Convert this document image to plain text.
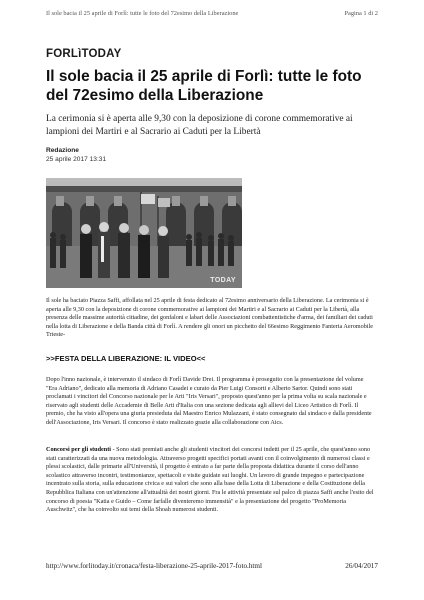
Il sole bacia il 25 aprile di Forlì: tutte le foto del 72esimo della Liberazione	Pagina 1 di 2
FORLìTODAY
Il sole bacia il 25 aprile di Forlì: tutte le foto del 72esimo della Liberazione

La cerimonia si è aperta alle 9,30 con la deposizione di corone commemorative ai lampioni dei Martiri e al Sacrario ai Caduti per la Libertà

Redazione
25 aprile 2017 13:31
TODAY

Il sole ha baciato Piazza Saffi, affollata nel 25 aprile di festa dedicato al 72esimo anniversario della Liberazione. La cerimonia si è aperta alle 9,30 con la deposizione di corone commemorative ai lampioni dei Martiri e al Sacrario ai Caduti per la Libertà, alla presenza delle massime autorità cittadine, dei gonfaloni e labari delle Associazioni combattentistiche d'arma, dei familiari dei caduti nella lotta di Liberazione e della Banda città di Forlì. A rendere gli onori un picchetto del 66esimo Reggimento Fanteria Aeromobile Trieste-

>>FESTA DELLA LIBERAZIONE: IL VIDEO<<

Dopo l'inno nazionale, è intervenuto il sindaco di Forlì Davide Drei. Il programma è proseguito con la presentazione del volume "Era Adriano", dedicato alla memoria di Adriano Casadei e curato da Pier Luigi Consorti e Alberto Sartor. Quindi sono stati proclamati i vincitori del Concorso nazionale per le Arti "Iris Versari", proposto quest'anno per la prima volta su scala nazionale e riservato agli studenti delle Accademie di Belle Arti d'Italia con una sezione dedicata agli allievi del Liceo Artistico di Forlì. Il premio, che ha visto all'opera una giuria presieduta dal Maestro Enrico Mulazzani, è stato consegnato dal sindaco e dalla presidente dell'Associazione, Iris Versari. Il concorso è stato realizzato grazie alla collaborazione con Aics.

Concorsi per gli studenti - Sono stati premiati anche gli studenti vincitori dei concorsi indetti per il 25 aprile, che quest'anno sono stati caratterizzati da una nuova metodologia. Attraverso progetti specifici portati avanti con il coinvolgimento di numerosi classi e plessi scolastici, dalle primarie all'Università, il progetto è entrato a far parte della proposta didattica durante il corso dell'anno scolastico attraverso incontri, testimonianze, spettacoli e visite guidate sui luoghi. Un lavoro di grande impegno e partecipazione incentrato sulla storia, sulla educazione civica e sui valori che sono alla base della Lotta di Liberazione e della Costituzione della Repubblica Italiana con un'attenzione all'attualità dei nostri giorni. Fra le attività presentate sul palco di piazza Saffi anche l'esito del concorso di poesia "Katia e Guido – Come farfalle diventeremo immensità" e la presentazione del progetto "ProMemoria Auschwitz", che ha coinvolto sui temi della Shoah numerosi studenti.

http://www.forlitoday.it/cronaca/festa-liberazione-25-aprile-2017-foto.html	26/04/2017
